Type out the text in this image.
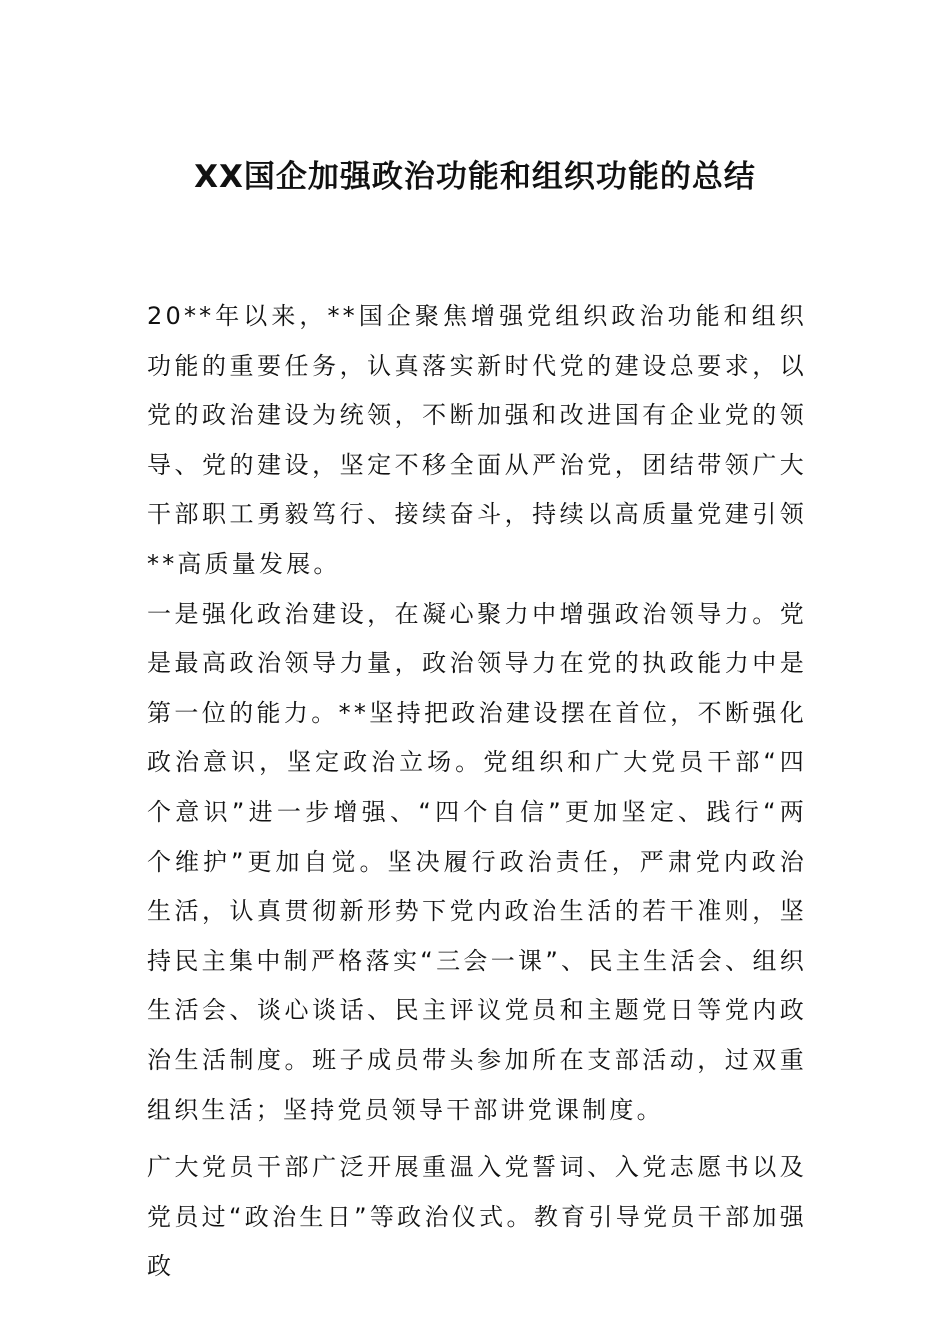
XX国企加强政治功能和组织功能的总结

20**年以来，**国企聚焦增强党组织政治功能和组织功能的重要任务，认真落实新时代党的建设总要求，以党的政治建设为统领，不断加强和改进国有企业党的领导、党的建设，坚定不移全面从严治党，团结带领广大干部职工勇毅笃行、接续奋斗，持续以高质量党建引领**高质量发展。

一是强化政治建设，在凝心聚力中增强政治领导力。党是最高政治领导力量，政治领导力在党的执政能力中是第一位的能力。**坚持把政治建设摆在首位，不断强化政治意识，坚定政治立场。党组织和广大党员干部“四个意识”进一步增强、“四个自信”更加坚定、践行“两个维护”更加自觉。坚决履行政治责任，严肃党内政治生活，认真贯彻新形势下党内政治生活的若干准则，坚持民主集中制严格落实“三会一课”、民主生活会、组织生活会、谈心谈话、民主评议党员和主题党日等党内政治生活制度。班子成员带头参加所在支部活动，过双重组织生活；坚持党员领导干部讲党课制度。

广大党员干部广泛开展重温入党誓词、入党志愿书以及党员过“政治生日”等政治仪式。教育引导党员干部加强政
